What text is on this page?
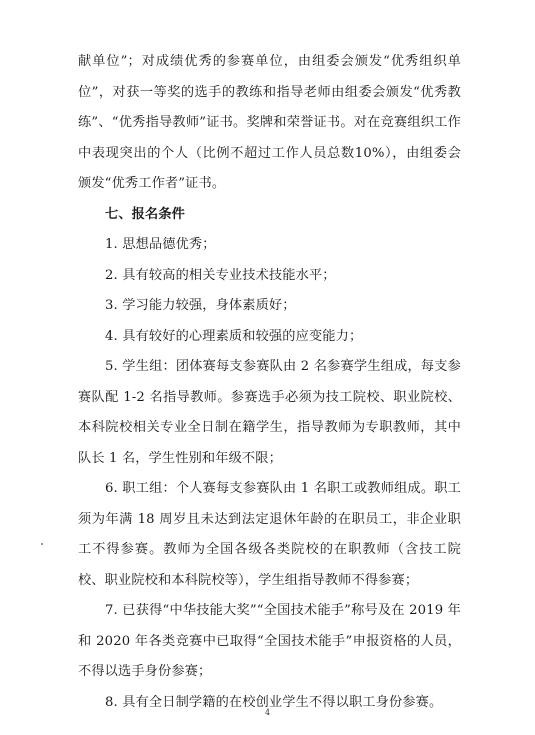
献单位”；对成绩优秀的参赛单位，由组委会颁发“优秀组织单位”，对获一等奖的选手的教练和指导老师由组委会颁发“优秀教练”、“优秀指导教师”证书。奖牌和荣誉证书。对在竞赛组织工作中表现突出的个人（比例不超过工作人员总数10%），由组委会颁发“优秀工作者”证书。

七、报名条件

1. 思想品德优秀；

2. 具有较高的相关专业技术技能水平；

3. 学习能力较强，身体素质好；

4. 具有较好的心理素质和较强的应变能力；

5. 学生组：团体赛每支参赛队由 2 名参赛学生组成，每支参赛队配 1-2 名指导教师。参赛选手必须为技工院校、职业院校、本科院校相关专业全日制在籍学生，指导教师为专职教师，其中队长 1 名，学生性别和年级不限；

6. 职工组：个人赛每支参赛队由 1 名职工或教师组成。职工须为年满 18 周岁且未达到法定退休年龄的在职员工，非企业职工不得参赛。教师为全国各级各类院校的在职教师（含技工院校、职业院校和本科院校等），学生组指导教师不得参赛；

7. 已获得“中华技能大奖”“全国技术能手”称号及在 2019 年和 2020 年各类竞赛中已取得“全国技术能手”申报资格的人员，不得以选手身份参赛；

8. 具有全日制学籍的在校创业学生不得以职工身份参赛。

4
